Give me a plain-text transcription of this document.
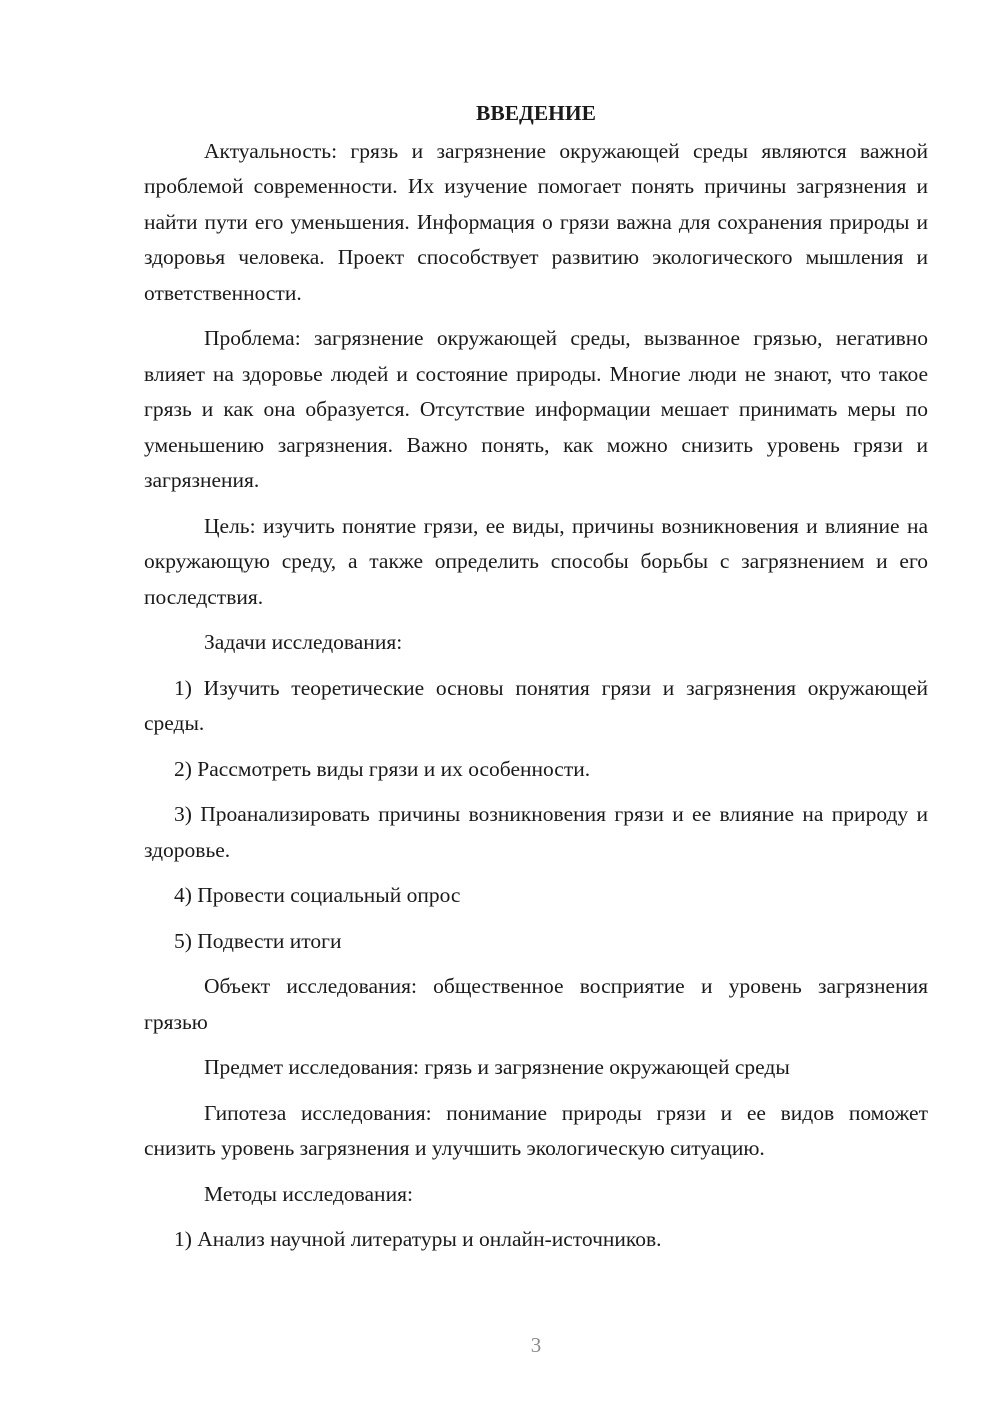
ВВЕДЕНИЕ
Актуальность: грязь и загрязнение окружающей среды являются важной проблемой современности. Их изучение помогает понять причины загрязнения и найти пути его уменьшения. Информация о грязи важна для сохранения природы и здоровья человека. Проект способствует развитию экологического мышления и ответственности.
Проблема: загрязнение окружающей среды, вызванное грязью, негативно влияет на здоровье людей и состояние природы. Многие люди не знают, что такое грязь и как она образуется. Отсутствие информации мешает принимать меры по уменьшению загрязнения. Важно понять, как можно снизить уровень грязи и загрязнения.
Цель: изучить понятие грязи, ее виды, причины возникновения и влияние на окружающую среду, а также определить способы борьбы с загрязнением и его последствия.
Задачи исследования:
1) Изучить теоретические основы понятия грязи и загрязнения окружающей среды.
2) Рассмотреть виды грязи и их особенности.
3) Проанализировать причины возникновения грязи и ее влияние на природу и здоровье.
4) Провести социальный опрос
5) Подвести итоги
Объект исследования: общественное восприятие и уровень загрязнения грязью
Предмет исследования: грязь и загрязнение окружающей среды
Гипотеза исследования: понимание природы грязи и ее видов поможет снизить уровень загрязнения и улучшить экологическую ситуацию.
Методы исследования:
1) Анализ научной литературы и онлайн-источников.
3
